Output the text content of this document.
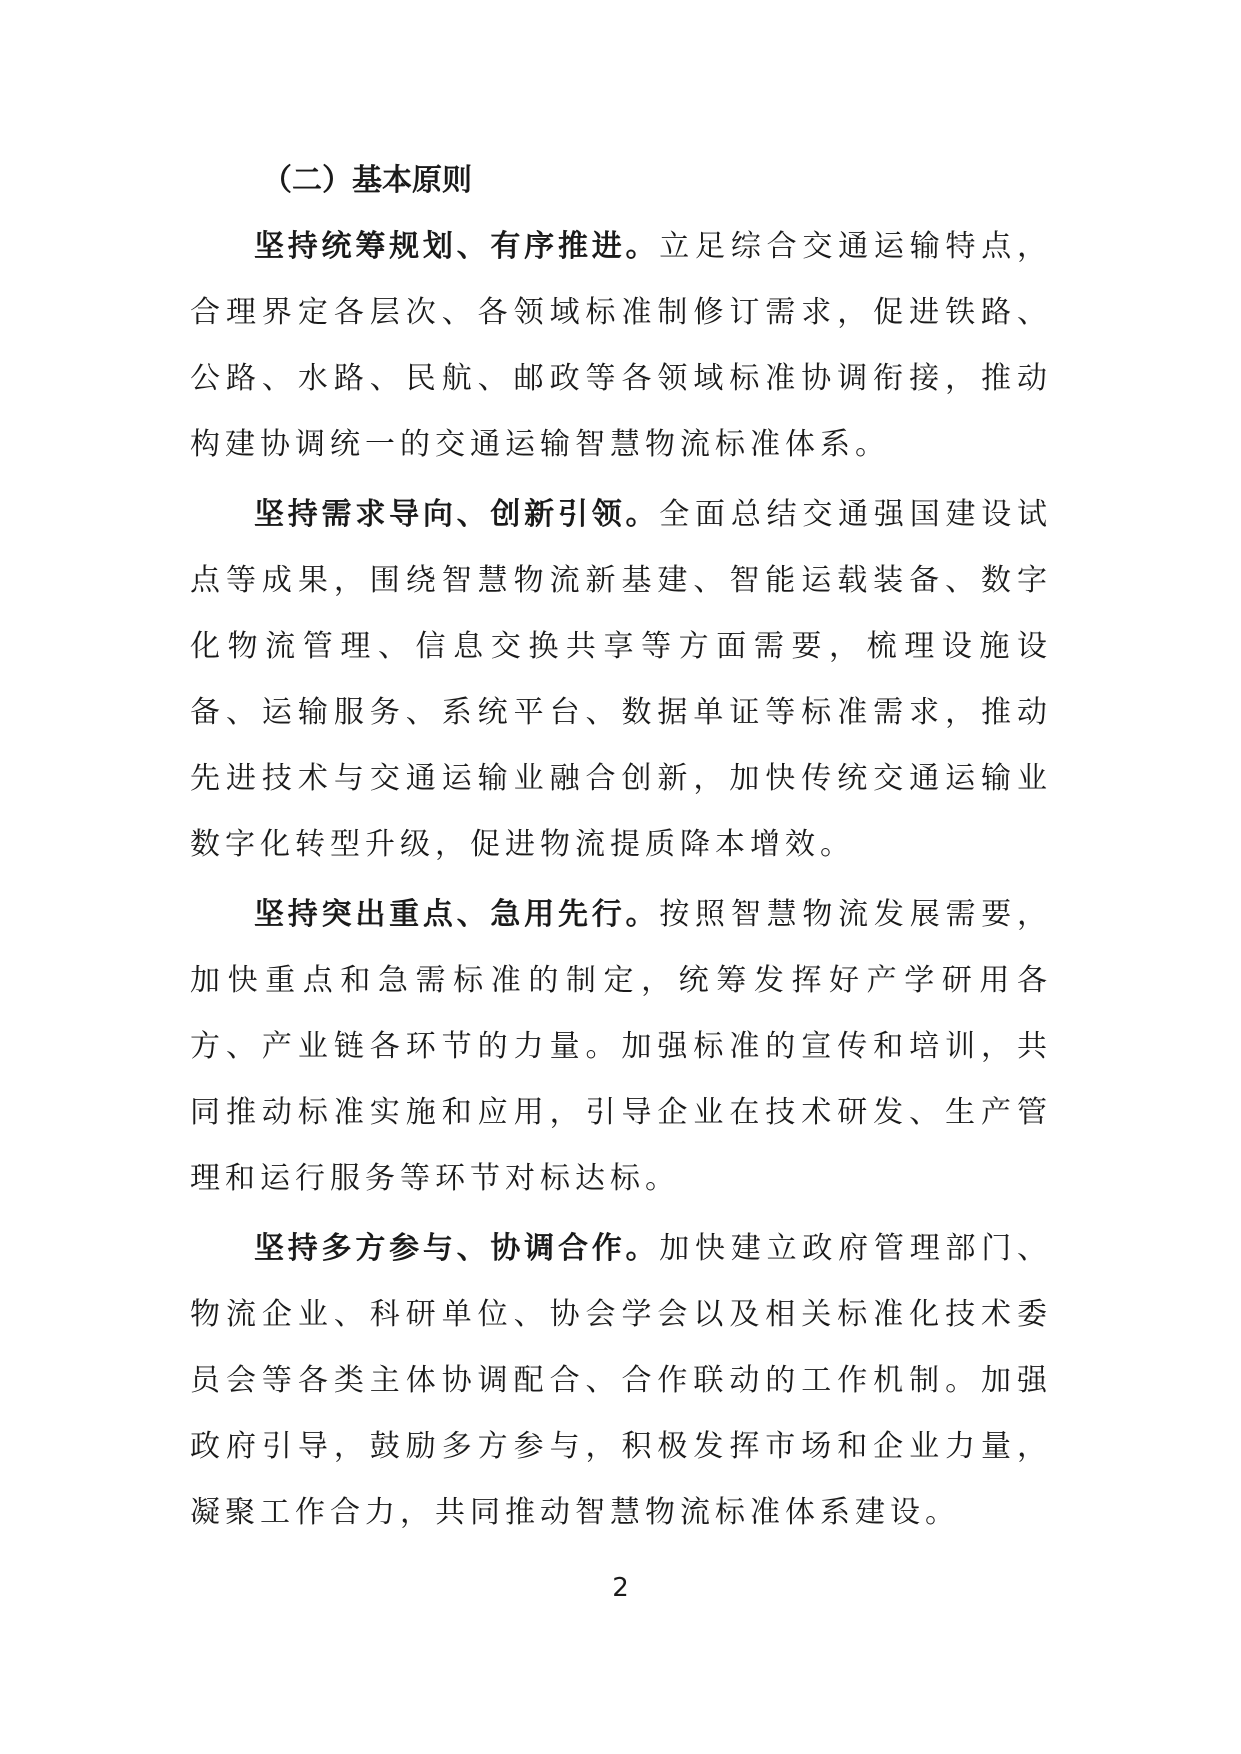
（二）基本原则

坚持统筹规划、有序推进。立足综合交通运输特点，合理界定各层次、各领域标准制修订需求，促进铁路、公路、水路、民航、邮政等各领域标准协调衔接，推动构建协调统一的交通运输智慧物流标准体系。

坚持需求导向、创新引领。全面总结交通强国建设试点等成果，围绕智慧物流新基建、智能运载装备、数字化物流管理、信息交换共享等方面需要，梳理设施设备、运输服务、系统平台、数据单证等标准需求，推动先进技术与交通运输业融合创新，加快传统交通运输业数字化转型升级，促进物流提质降本增效。

坚持突出重点、急用先行。按照智慧物流发展需要，加快重点和急需标准的制定，统筹发挥好产学研用各方、产业链各环节的力量。加强标准的宣传和培训，共同推动标准实施和应用，引导企业在技术研发、生产管理和运行服务等环节对标达标。

坚持多方参与、协调合作。加快建立政府管理部门、物流企业、科研单位、协会学会以及相关标准化技术委员会等各类主体协调配合、合作联动的工作机制。加强政府引导，鼓励多方参与，积极发挥市场和企业力量，凝聚工作合力，共同推动智慧物流标准体系建设。

2
